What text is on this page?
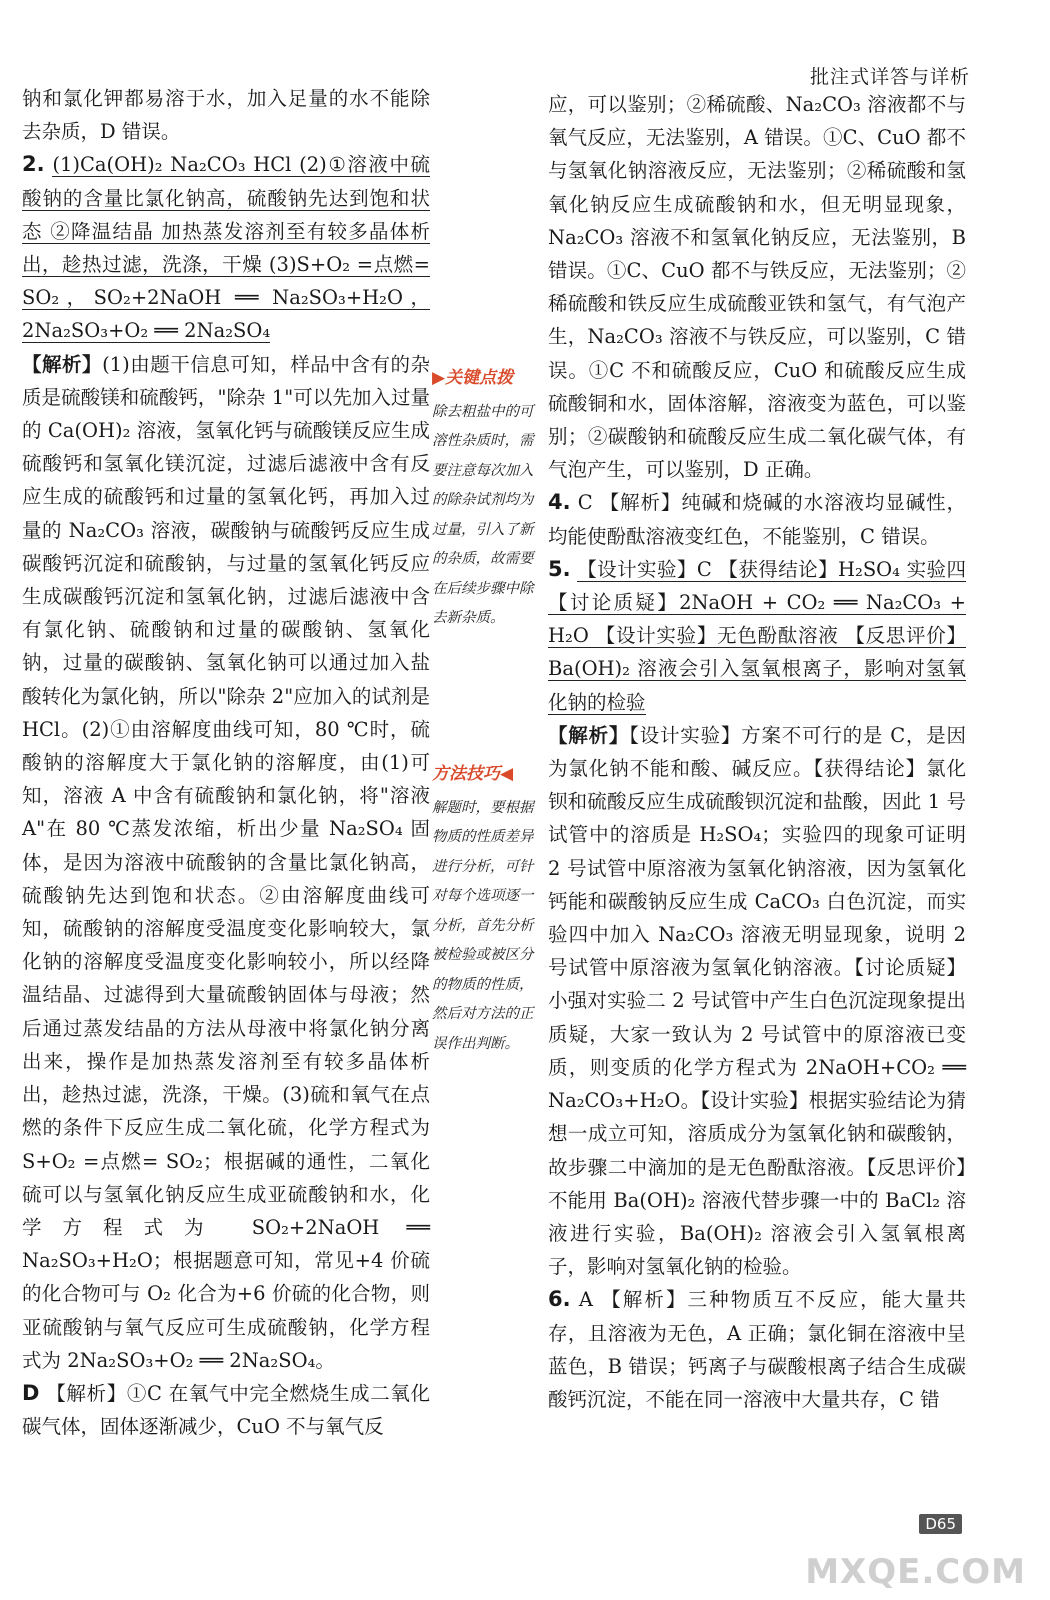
批注式详答与详析

钠和氯化钾都易溶于水，加入足量的水不能除去杂质，D 错误。

2. (1)Ca(OH)₂ Na₂CO₃ HCl (2)①溶液中硫酸钠的含量比氯化钠高，硫酸钠先达到饱和状态 ②降温结晶 加热蒸发溶剂至有较多晶体析出，趁热过滤，洗涤，干燥 (3)S+O₂ =点燃= SO₂，SO₂+2NaOH ══ Na₂SO₃+H₂O，2Na₂SO₃+O₂ ══ 2Na₂SO₄

【解析】(1)由题干信息可知，样品中含有的杂质是硫酸镁和硫酸钙，"除杂 1"可以先加入过量的 Ca(OH)₂ 溶液，氢氧化钙与硫酸镁反应生成硫酸钙和氢氧化镁沉淀，过滤后滤液中含有反应生成的硫酸钙和过量的氢氧化钙，再加入过量的 Na₂CO₃ 溶液，碳酸钠与硫酸钙反应生成碳酸钙沉淀和硫酸钠，与过量的氢氧化钙反应生成碳酸钙沉淀和氢氧化钠，过滤后滤液中含有氯化钠、硫酸钠和过量的碳酸钠、氢氧化钠，过量的碳酸钠、氢氧化钠可以通过加入盐酸转化为氯化钠，所以"除杂 2"应加入的试剂是 HCl。(2)①由溶解度曲线可知，80 ℃时，硫酸钠的溶解度大于氯化钠的溶解度，由(1)可知，溶液 A 中含有硫酸钠和氯化钠，将"溶液 A"在 80 ℃蒸发浓缩，析出少量 Na₂SO₄ 固体，是因为溶液中硫酸钠的含量比氯化钠高，硫酸钠先达到饱和状态。②由溶解度曲线可知，硫酸钠的溶解度受温度变化影响较大，氯化钠的溶解度受温度变化影响较小，所以经降温结晶、过滤得到大量硫酸钠固体与母液；然后通过蒸发结晶的方法从母液中将氯化钠分离出来，操作是加热蒸发溶剂至有较多晶体析出，趁热过滤，洗涤，干燥。(3)硫和氧气在点燃的条件下反应生成二氧化硫，化学方程式为 S+O₂ =点燃= SO₂；根据碱的通性，二氧化硫可以与氢氧化钠反应生成亚硫酸钠和水，化学方程式为 SO₂+2NaOH ══ Na₂SO₃+H₂O；根据题意可知，常见+4 价硫的化合物可与 O₂ 化合为+6 价硫的化合物，则亚硫酸钠与氧气反应可生成硫酸钠，化学方程式为 2Na₂SO₃+O₂ ══ 2Na₂SO₄。

D 【解析】①C 在氧气中完全燃烧生成二氧化碳气体，固体逐渐减少，CuO 不与氧气反

▶关键点拨
除去粗盐中的可溶性杂质时，需要注意每次加入的除杂试剂均为过量，引入了新的杂质，故需要在后续步骤中除去新杂质。
方法技巧◀
解题时，要根据物质的性质差异进行分析，可针对每个选项逐一分析，首先分析被检验或被区分的物质的性质，然后对方法的正误作出判断。

应，可以鉴别；②稀硫酸、Na₂CO₃ 溶液都不与氧气反应，无法鉴别，A 错误。①C、CuO 都不与氢氧化钠溶液反应，无法鉴别；②稀硫酸和氢氧化钠反应生成硫酸钠和水，但无明显现象，Na₂CO₃ 溶液不和氢氧化钠反应，无法鉴别，B 错误。①C、CuO 都不与铁反应，无法鉴别；②稀硫酸和铁反应生成硫酸亚铁和氢气，有气泡产生，Na₂CO₃ 溶液不与铁反应，可以鉴别，C 错误。①C 不和硫酸反应，CuO 和硫酸反应生成硫酸铜和水，固体溶解，溶液变为蓝色，可以鉴别；②碳酸钠和硫酸反应生成二氧化碳气体，有气泡产生，可以鉴别，D 正确。

4. C 【解析】纯碱和烧碱的水溶液均显碱性，均能使酚酞溶液变红色，不能鉴别，C 错误。

5. 【设计实验】C 【获得结论】H₂SO₄ 实验四 【讨论质疑】2NaOH + CO₂ ══ Na₂CO₃ + H₂O 【设计实验】无色酚酞溶液 【反思评价】Ba(OH)₂ 溶液会引入氢氧根离子，影响对氢氧化钠的检验

【解析】【设计实验】方案不可行的是 C，是因为氯化钠不能和酸、碱反应。【获得结论】氯化钡和硫酸反应生成硫酸钡沉淀和盐酸，因此 1 号试管中的溶质是 H₂SO₄；实验四的现象可证明 2 号试管中原溶液为氢氧化钠溶液，因为氢氧化钙能和碳酸钠反应生成 CaCO₃ 白色沉淀，而实验四中加入 Na₂CO₃ 溶液无明显现象，说明 2 号试管中原溶液为氢氧化钠溶液。【讨论质疑】小强对实验二 2 号试管中产生白色沉淀现象提出质疑，大家一致认为 2 号试管中的原溶液已变质，则变质的化学方程式为 2NaOH+CO₂ ══ Na₂CO₃+H₂O。【设计实验】根据实验结论为猜想一成立可知，溶质成分为氢氧化钠和碳酸钠，故步骤二中滴加的是无色酚酞溶液。【反思评价】不能用 Ba(OH)₂ 溶液代替步骤一中的 BaCl₂ 溶液进行实验，Ba(OH)₂ 溶液会引入氢氧根离子，影响对氢氧化钠的检验。

6. A 【解析】三种物质互不反应，能大量共存，且溶液为无色，A 正确；氯化铜在溶液中呈蓝色，B 错误；钙离子与碳酸根离子结合生成碳酸钙沉淀，不能在同一溶液中大量共存，C 错

D65
MXQE.COM
